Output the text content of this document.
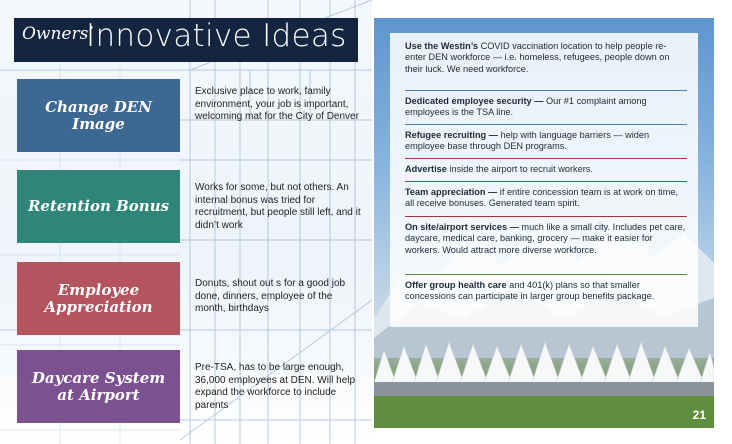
Owners’
Innovative Ideas
Change DEN Image
Exclusive place to work, family environment, your job is important, welcoming mat for the City of Denver
Retention Bonus
Works for some, but not others. An internal bonus was tried for recruitment, but people still left, and it didn’t work
Employee Appreciation
Donuts, shout out s for a good job done, dinners, employee of the month, birthdays
Daycare System at Airport
Pre-TSA, has to be large enough, 36,000 employees at DEN. Will help expand the workforce to include parents
21
Use the Westin’s COVID vaccination location to help people re-enter DEN workforce — i.e. homeless, refugees, people down on their luck. We need workforce.
Dedicated employee security — Our #1 complaint among employees is the TSA line.
Refugee recruiting — help with language barriers — widen employee base through DEN programs.
Advertise inside the airport to recruit workers.
Team appreciation — if entire concession team is at work on time, all receive bonuses. Generated team spirit.
On site/airport services — much like a small city. Includes pet care, daycare, medical care, banking, grocery — make it easier for workers. Would attract more diverse workforce.
Offer group health care and 401(k) plans so that smaller concessions can participate in larger group benefits package.
